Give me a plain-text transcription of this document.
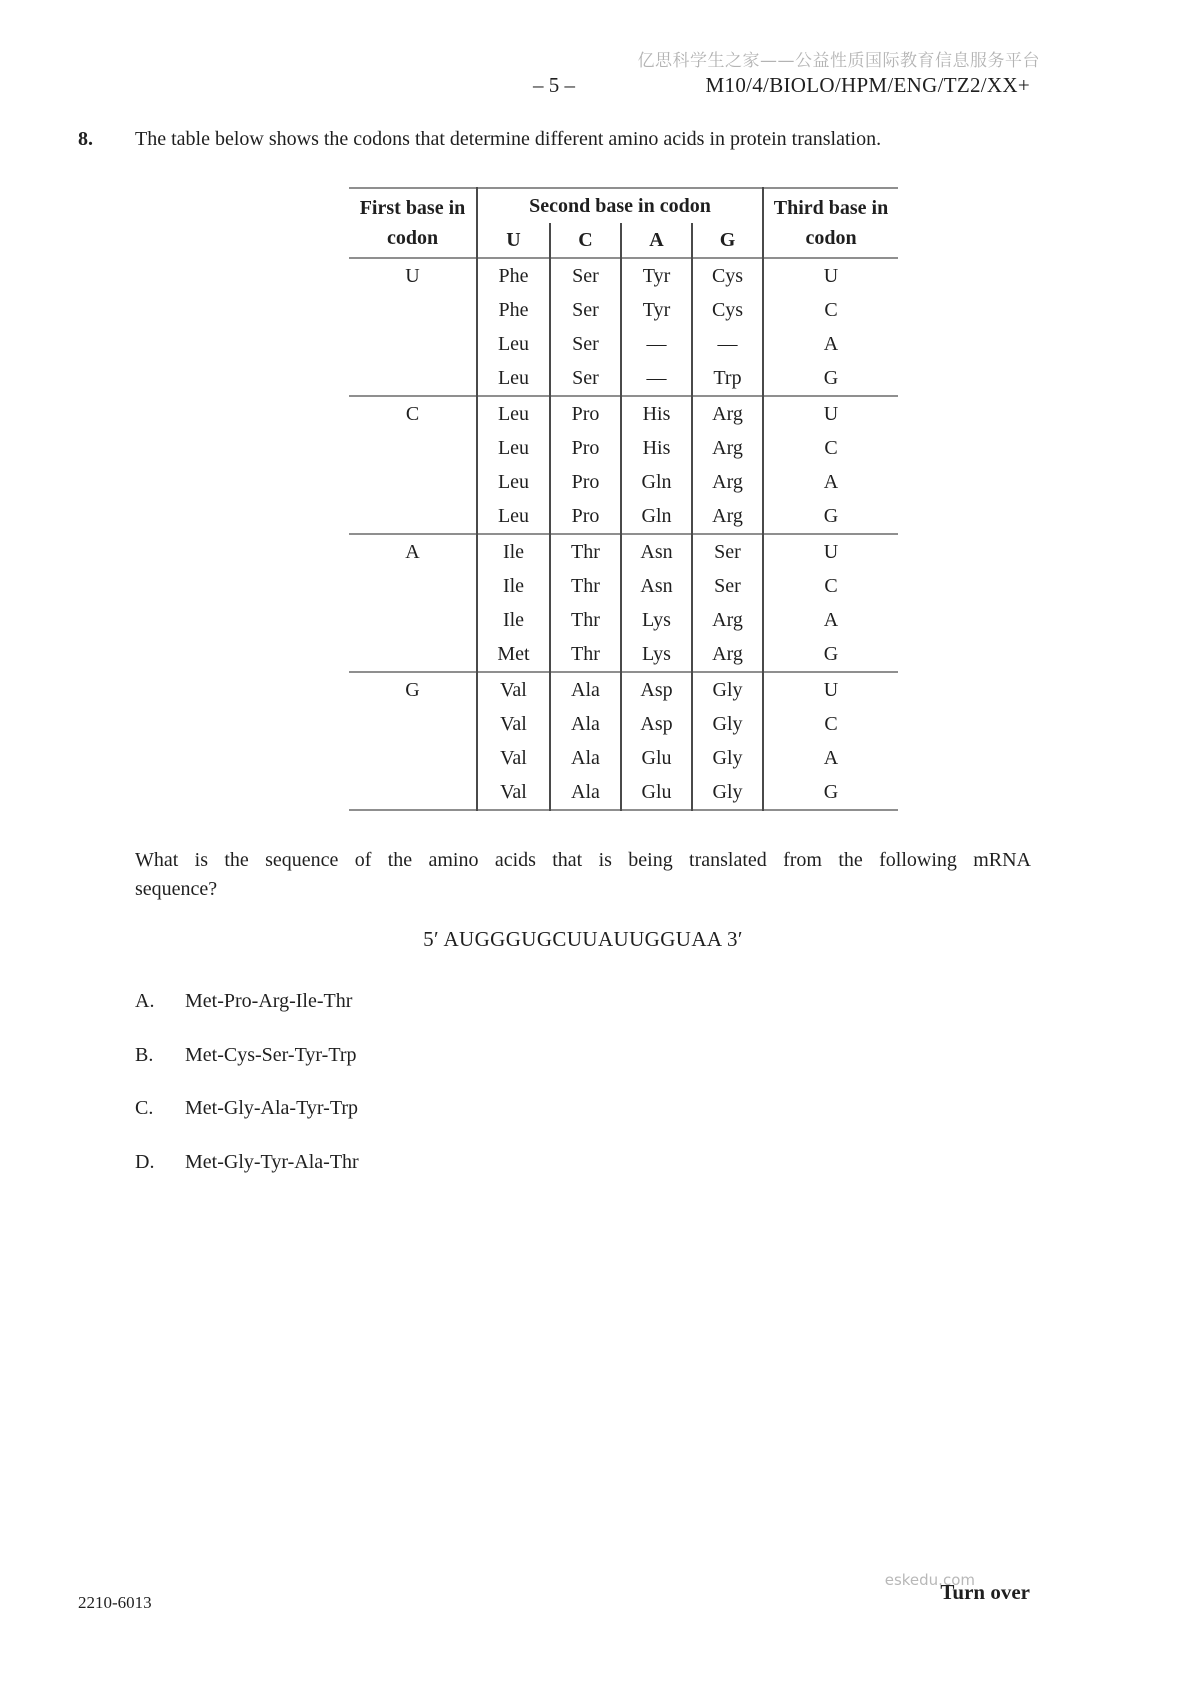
亿思科学生之家——公益性质国际教育信息服务平台
– 5 –	M10/4/BIOLO/HPM/ENG/TZ2/XX+
8. The table below shows the codons that determine different amino acids in protein translation.
First base in codon	Second base in codon				Third base in codon
	U	C	A	G	
U	Phe	Ser	Tyr	Cys	U
	Phe	Ser	Tyr	Cys	C
	Leu	Ser	—	—	A
	Leu	Ser	—	Trp	G
C	Leu	Pro	His	Arg	U
	Leu	Pro	His	Arg	C
	Leu	Pro	Gln	Arg	A
	Leu	Pro	Gln	Arg	G
A	Ile	Thr	Asn	Ser	U
	Ile	Thr	Asn	Ser	C
	Ile	Thr	Lys	Arg	A
	Met	Thr	Lys	Arg	G
G	Val	Ala	Asp	Gly	U
	Val	Ala	Asp	Gly	C
	Val	Ala	Glu	Gly	A
	Val	Ala	Glu	Gly	G
What is the sequence of the amino acids that is being translated from the following mRNA
sequence?
5′ AUGGGUGCUUAUUGGUAA 3′
A. Met-Pro-Arg-Ile-Thr
B. Met-Cys-Ser-Tyr-Trp
C. Met-Gly-Ala-Tyr-Trp
D. Met-Gly-Tyr-Ala-Thr
2210-6013
eskedu.com
Turn over
